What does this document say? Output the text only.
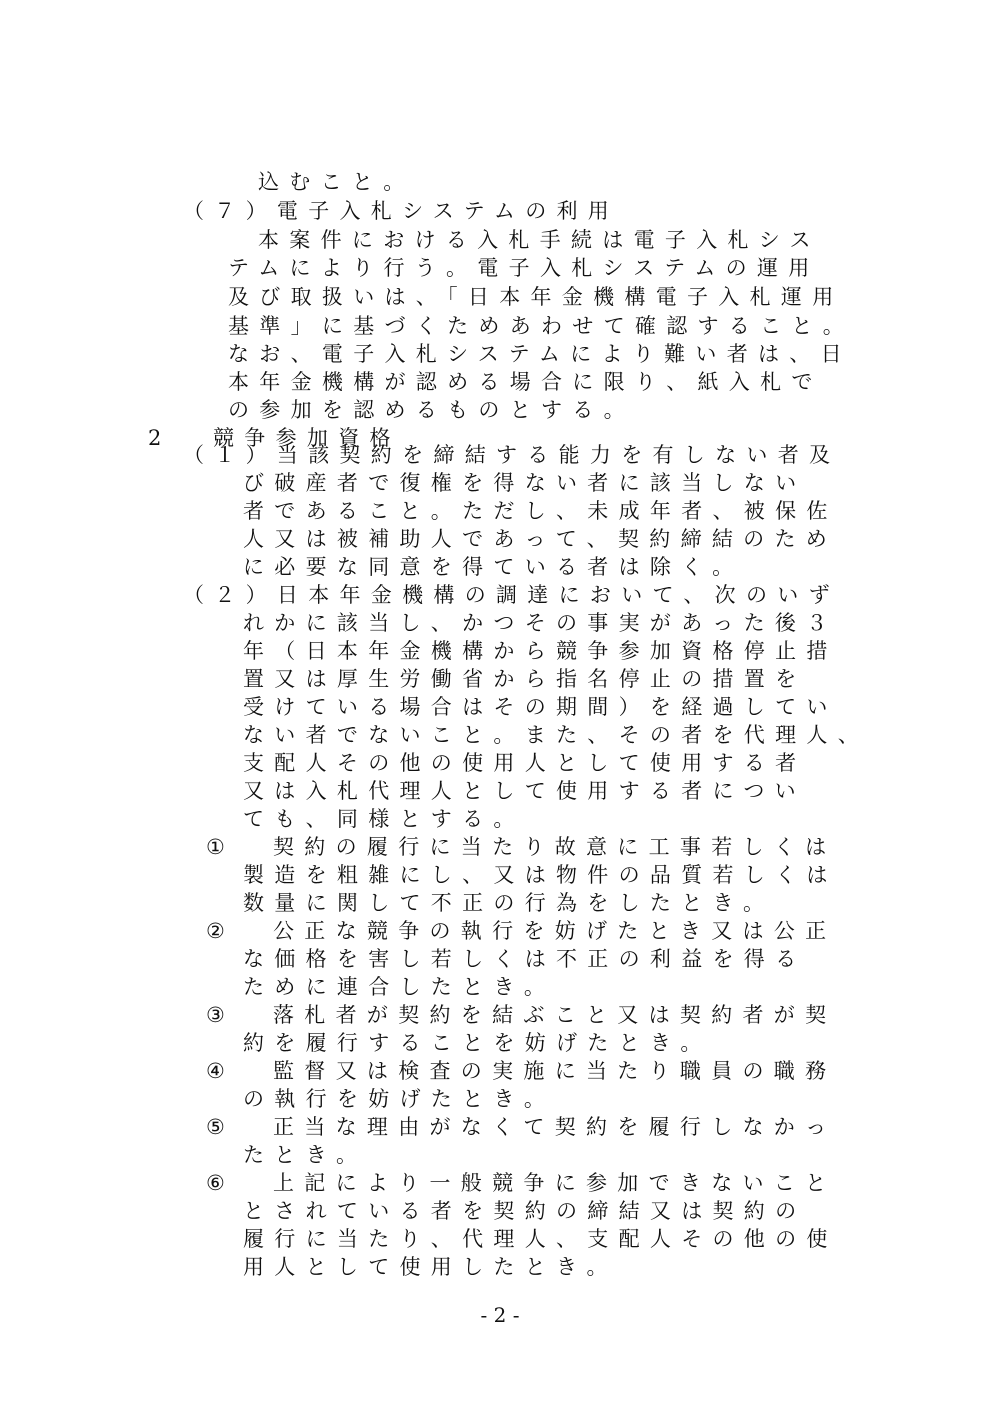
込むこと。
（７）電子入札システムの利用
本案件における入札手続は電子入札シス
テムにより行う。電子入札システムの運用
及び取扱いは、「日本年金機構電子入札運用
基準」に基づくためあわせて確認すること。
なお、電子入札システムにより難い者は、日
本年金機構が認める場合に限り、紙入札で
の参加を認めるものとする。
2 競争参加資格
（１）当該契約を締結する能力を有しない者及
び破産者で復権を得ない者に該当しない
者であること。ただし、未成年者、被保佐
人又は被補助人であって、契約締結のため
に必要な同意を得ている者は除く。
（２）日本年金機構の調達において、次のいず
れかに該当し、かつその事実があった後３
年（日本年金機構から競争参加資格停止措
置又は厚生労働省から指名停止の措置を
受けている場合はその期間）を経過してい
ない者でないこと。また、その者を代理人、
支配人その他の使用人として使用する者
又は入札代理人として使用する者につい
ても、同様とする。
① 契約の履行に当たり故意に工事若しくは
製造を粗雑にし、又は物件の品質若しくは
数量に関して不正の行為をしたとき。
② 公正な競争の執行を妨げたとき又は公正
な価格を害し若しくは不正の利益を得る
ために連合したとき。
③ 落札者が契約を結ぶこと又は契約者が契
約を履行することを妨げたとき。
④ 監督又は検査の実施に当たり職員の職務
の執行を妨げたとき。
⑤ 正当な理由がなくて契約を履行しなかっ
たとき。
⑥ 上記により一般競争に参加できないこと
とされている者を契約の締結又は契約の
履行に当たり、代理人、支配人その他の使
用人として使用したとき。
- 2 -
